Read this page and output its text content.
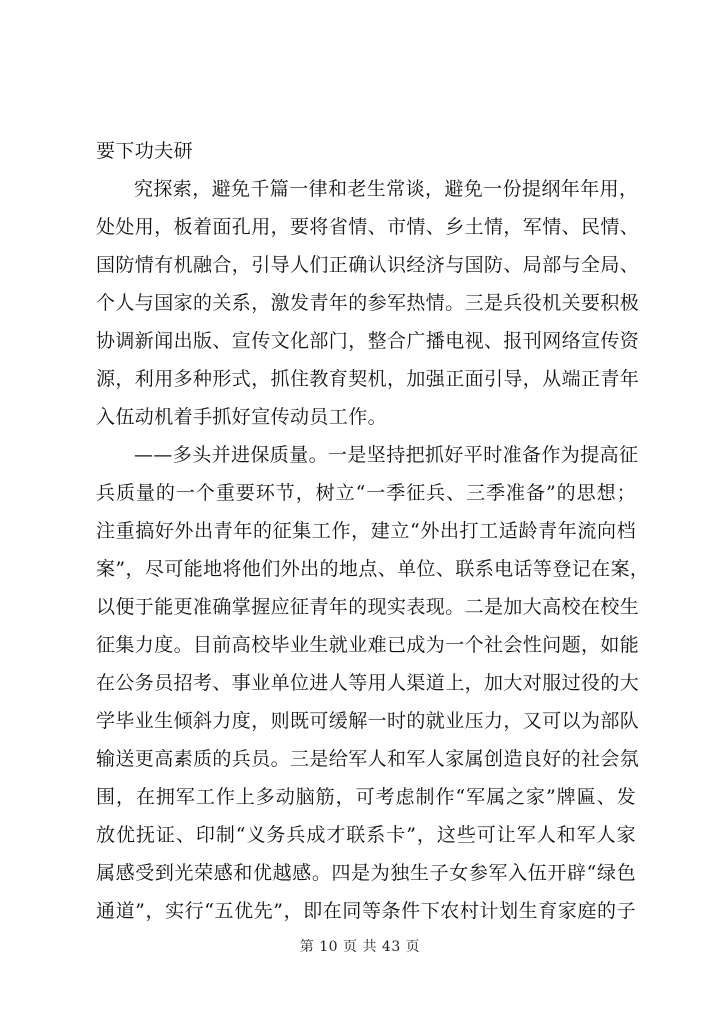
要下功夫研
究探索，避免千篇一律和老生常谈，避免一份提纲年年用，
处处用，板着面孔用，要将省情、市情、乡土情，军情、民情、
国防情有机融合，引导人们正确认识经济与国防、局部与全局、
个人与国家的关系，激发青年的参军热情。三是兵役机关要积极
协调新闻出版、宣传文化部门，整合广播电视、报刊网络宣传资
源，利用多种形式，抓住教育契机，加强正面引导，从端正青年
入伍动机着手抓好宣传动员工作。
——多头并进保质量。一是坚持把抓好平时准备作为提高征
兵质量的一个重要环节，树立“一季征兵、三季准备”的思想；
注重搞好外出青年的征集工作，建立“外出打工适龄青年流向档
案”，尽可能地将他们外出的地点、单位、联系电话等登记在案，
以便于能更准确掌握应征青年的现实表现。二是加大高校在校生
征集力度。目前高校毕业生就业难已成为一个社会性问题，如能
在公务员招考、事业单位进人等用人渠道上，加大对服过役的大
学毕业生倾斜力度，则既可缓解一时的就业压力，又可以为部队
输送更高素质的兵员。三是给军人和军人家属创造良好的社会氛
围，在拥军工作上多动脑筋，可考虑制作“军属之家”牌匾、发
放优抚证、印制“义务兵成才联系卡”，这些可让军人和军人家
属感受到光荣感和优越感。四是为独生子女参军入伍开辟“绿色
通道”，实行“五优先”，即在同等条件下农村计划生育家庭的子
第 10 页 共 43 页
